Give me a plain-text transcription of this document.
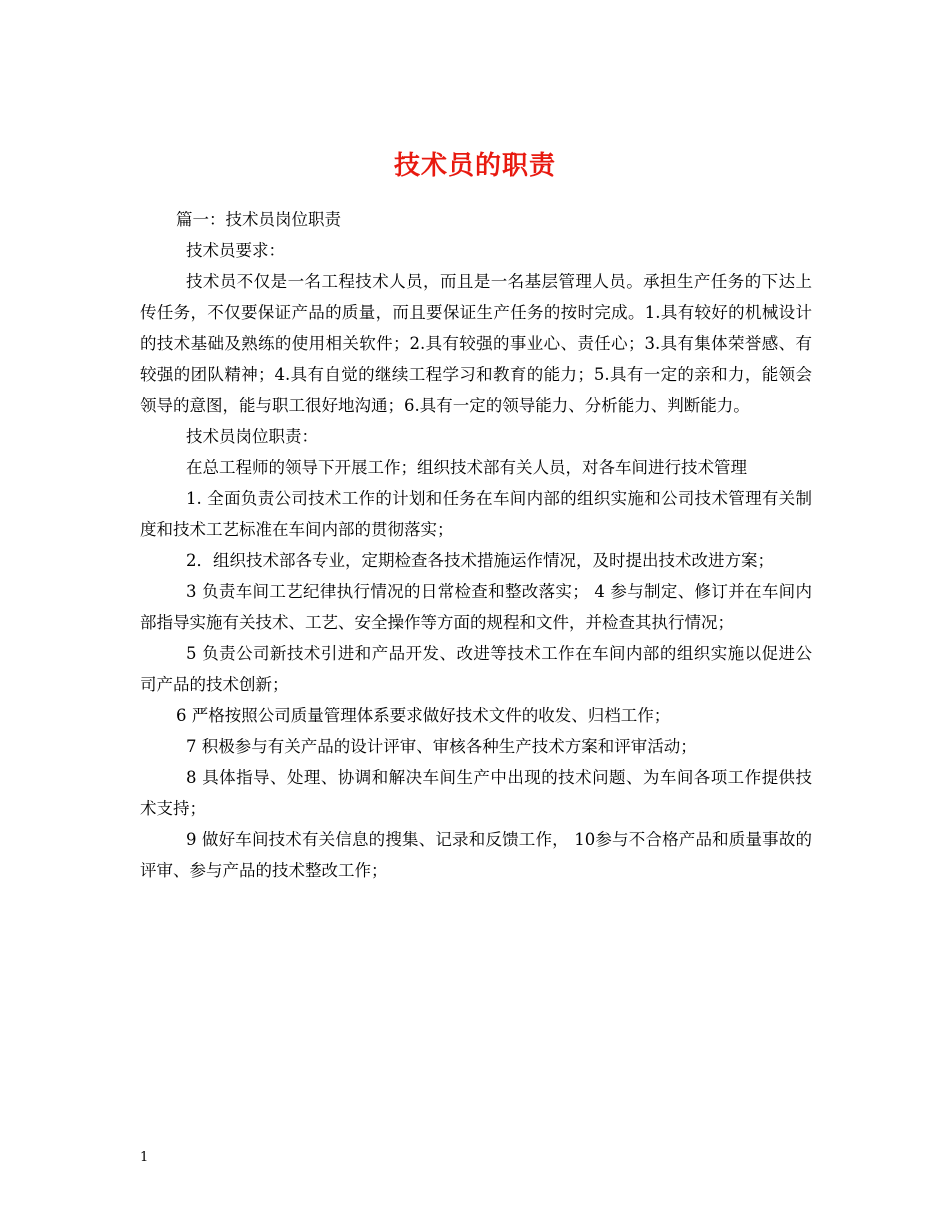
技术员的职责

篇一：技术员岗位职责

技术员要求：

技术员不仅是一名工程技术人员，而且是一名基层管理人员。承担生产任务的下达上传任务，不仅要保证产品的质量，而且要保证生产任务的按时完成。1.具有较好的机械设计的技术基础及熟练的使用相关软件；2.具有较强的事业心、责任心；3.具有集体荣誉感、有较强的团队精神；4.具有自觉的继续工程学习和教育的能力；5.具有一定的亲和力，能领会领导的意图，能与职工很好地沟通；6.具有一定的领导能力、分析能力、判断能力。

技术员岗位职责：

在总工程师的领导下开展工作；组织技术部有关人员，对各车间进行技术管理

1. 全面负责公司技术工作的计划和任务在车间内部的组织实施和公司技术管理有关制度和技术工艺标准在车间内部的贯彻落实；

2．组织技术部各专业，定期检查各技术措施运作情况，及时提出技术改进方案；

3 负责车间工艺纪律执行情况的日常检查和整改落实； 4 参与制定、修订并在车间内部指导实施有关技术、工艺、安全操作等方面的规程和文件，并检查其执行情况；

5 负责公司新技术引进和产品开发、改进等技术工作在车间内部的组织实施以促进公司产品的技术创新；

6 严格按照公司质量管理体系要求做好技术文件的收发、归档工作；

7 积极参与有关产品的设计评审、审核各种生产技术方案和评审活动；

8 具体指导、处理、协调和解决车间生产中出现的技术问题、为车间各项工作提供技术支持；

9 做好车间技术有关信息的搜集、记录和反馈工作， 10参与不合格产品和质量事故的评审、参与产品的技术整改工作；

1
